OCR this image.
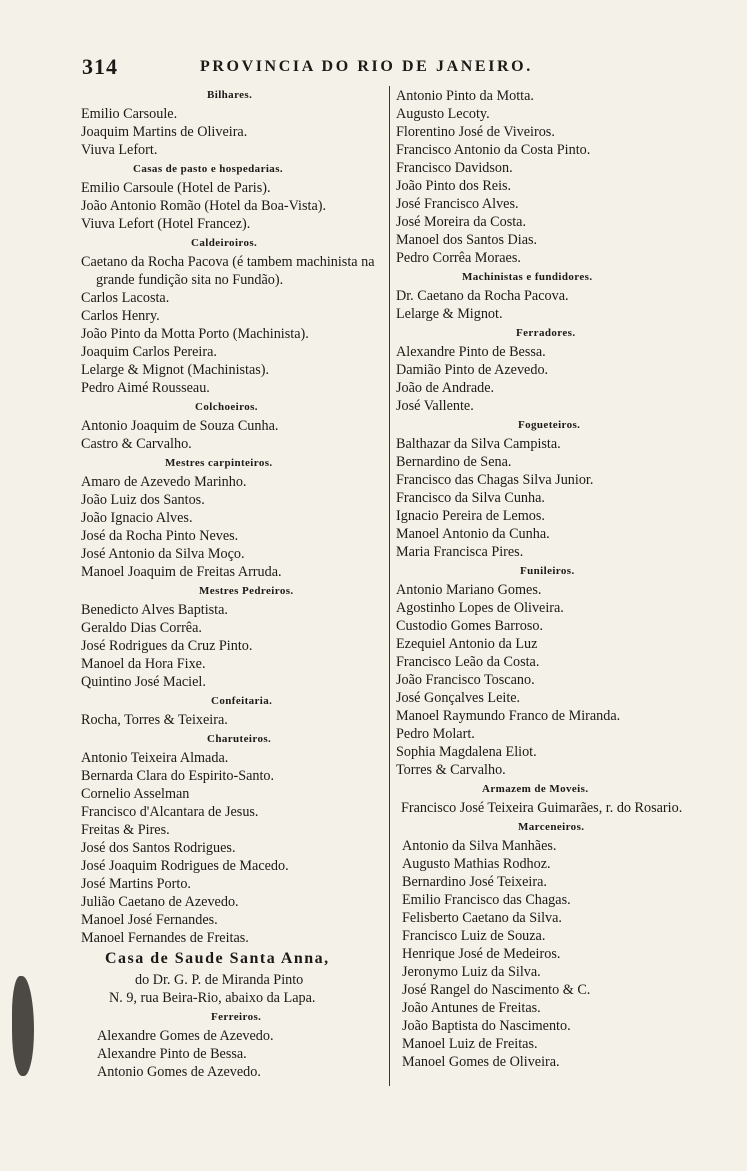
314	PROVINCIA DO RIO DE JANEIRO.
Bilhares.
Emilio Carsoule.
Joaquim Martins de Oliveira.
Viuva Lefort.
Casas de pasto e hospedarias.
Emilio Carsoule (Hotel de Paris).
João Antonio Romão (Hotel da Boa-Vista).
Viuva Lefort (Hotel Francez).
Caldeiroiros.
Caetano da Rocha Pacova (é tambem machinista na grande fundição sita no Fundão).
Carlos Lacosta.
Carlos Henry.
João Pinto da Motta Porto (Machinista).
Joaquim Carlos Pereira.
Lelarge & Mignot (Machinistas).
Pedro Aimé Rousseau.
Colchoeiros.
Antonio Joaquim de Souza Cunha.
Castro & Carvalho.
Mestres carpinteiros.
Amaro de Azevedo Marinho.
João Luiz dos Santos.
João Ignacio Alves.
José da Rocha Pinto Neves.
José Antonio da Silva Moço.
Manoel Joaquim de Freitas Arruda.
Mestres Pedreiros.
Benedicto Alves Baptista.
Geraldo Dias Corrêa.
José Rodrigues da Cruz Pinto.
Manoel da Hora Fixe.
Quintino José Maciel.
Confeitaria.
Rocha, Torres & Teixeira.
Charuteiros.
Antonio Teixeira Almada.
Bernarda Clara do Espirito-Santo.
Cornelio Asselman
Francisco d'Alcantara de Jesus.
Freitas & Pires.
José dos Santos Rodrigues.
José Joaquim Rodrigues de Macedo.
José Martins Porto.
Julião Caetano de Azevedo.
Manoel José Fernandes.
Manoel Fernandes de Freitas.
Casa de Saude Santa Anna,
do Dr. G. P. de Miranda Pinto
N. 9, rua Beira-Rio, abaixo da Lapa.
Ferreiros.
Alexandre Gomes de Azevedo.
Alexandre Pinto de Bessa.
Antonio Gomes de Azevedo.
Antonio Pinto da Motta.
Augusto Lecoty.
Florentino José de Viveiros.
Francisco Antonio da Costa Pinto.
Francisco Davidson.
João Pinto dos Reis.
José Francisco Alves.
José Moreira da Costa.
Manoel dos Santos Dias.
Pedro Corrêa Moraes.
Machinistas e fundidores.
Dr. Caetano da Rocha Pacova.
Lelarge & Mignot.
Ferradores.
Alexandre Pinto de Bessa.
Damião Pinto de Azevedo.
João de Andrade.
José Vallente.
Fogueteiros.
Balthazar da Silva Campista.
Bernardino de Sena.
Francisco das Chagas Silva Junior.
Francisco da Silva Cunha.
Ignacio Pereira de Lemos.
Manoel Antonio da Cunha.
Maria Francisca Pires.
Funileiros.
Antonio Mariano Gomes.
Agostinho Lopes de Oliveira.
Custodio Gomes Barroso.
Ezequiel Antonio da Luz
Francisco Leão da Costa.
João Francisco Toscano.
José Gonçalves Leite.
Manoel Raymundo Franco de Miranda.
Pedro Molart.
Sophia Magdalena Eliot.
Torres & Carvalho.
Armazem de Moveis.
Francisco José Teixeira Guimarães, r. do Rosario.
Marceneiros.
Antonio da Silva Manhães.
Augusto Mathias Rodhoz.
Bernardino José Teixeira.
Emilio Francisco das Chagas.
Felisberto Caetano da Silva.
Francisco Luiz de Souza.
Henrique José de Medeiros.
Jeronymo Luiz da Silva.
José Rangel do Nascimento & C.
João Antunes de Freitas.
João Baptista do Nascimento.
Manoel Luiz de Freitas.
Manoel Gomes de Oliveira.
